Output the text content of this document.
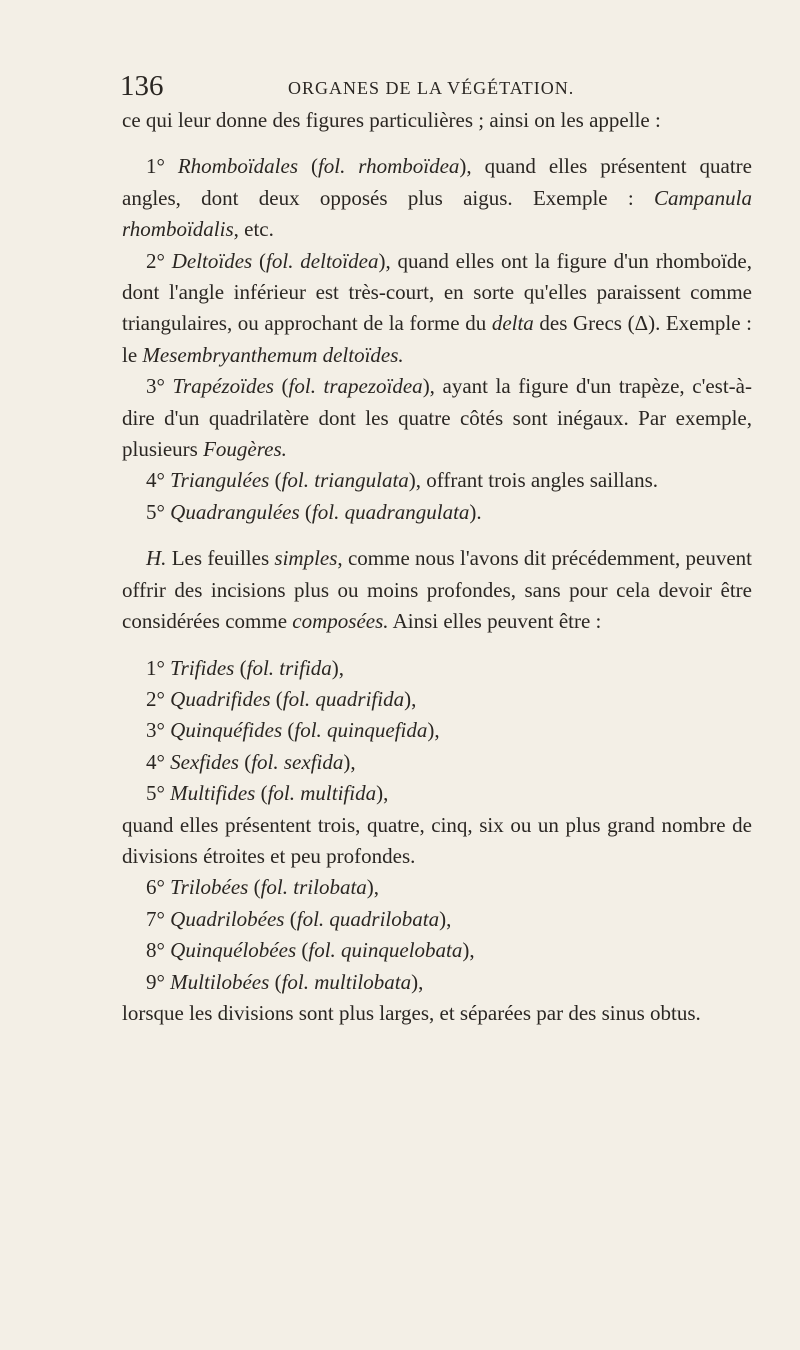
136	ORGANES DE LA VÉGÉTATION.

ce qui leur donne des figures particulières ; ainsi on les appelle :

1° Rhomboïdales (fol. rhomboïdea), quand elles présentent quatre angles, dont deux opposés plus aigus. Exemple : Campanula rhomboïdalis, etc.

2° Deltoïdes (fol. deltoïdea), quand elles ont la figure d'un rhomboïde, dont l'angle inférieur est très-court, en sorte qu'elles paraissent comme triangulaires, ou approchant de la forme du delta des Grecs (Δ). Exemple : le Mesembryanthemum deltoïdes.

3° Trapézoïdes (fol. trapezoïdea), ayant la figure d'un trapèze, c'est-à-dire d'un quadrilatère dont les quatre côtés sont inégaux. Par exemple, plusieurs Fougères.

4° Triangulées (fol. triangulata), offrant trois angles saillans.

5° Quadrangulées (fol. quadrangulata).

H. Les feuilles simples, comme nous l'avons dit précédemment, peuvent offrir des incisions plus ou moins profondes, sans pour cela devoir être considérées comme composées. Ainsi elles peuvent être :

1° Trifides (fol. trifida),

2° Quadrifides (fol. quadrifida),

3° Quinquéfides (fol. quinquefida),

4° Sexfides (fol. sexfida),

5° Multifides (fol. multifida),

quand elles présentent trois, quatre, cinq, six ou un plus grand nombre de divisions étroites et peu profondes.

6° Trilobées (fol. trilobata),

7° Quadrilobées (fol. quadrilobata),

8° Quinquélobées (fol. quinquelobata),

9° Multilobées (fol. multilobata),

lorsque les divisions sont plus larges, et séparées par des sinus obtus.
